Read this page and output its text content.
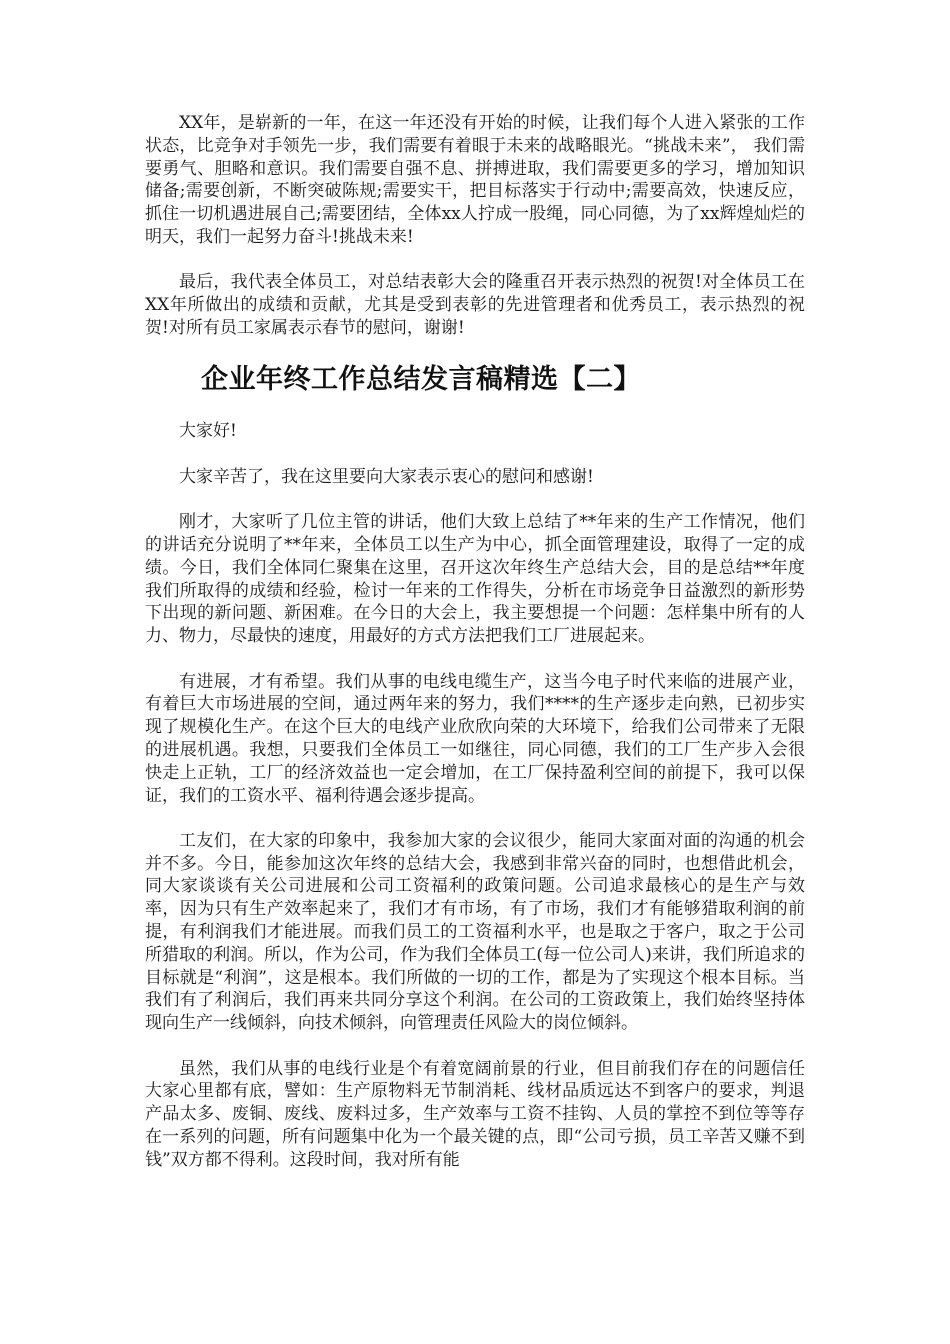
XX年，是崭新的一年，在这一年还没有开始的时候，让我们每个人进入紧张的工作状态，比竞争对手领先一步，我们需要有着眼于未来的战略眼光。“挑战未来”， 我们需要勇气、胆略和意识。我们需要自强不息、拼搏进取，我们需要更多的学习，增加知识储备;需要创新，不断突破陈规;需要实干，把目标落实于行动中;需要高效，快速反应，抓住一切机遇进展自己;需要团结，全体xx人拧成一股绳，同心同德，为了xx辉煌灿烂的明天，我们一起努力奋斗!挑战未来!

最后，我代表全体员工，对总结表彰大会的隆重召开表示热烈的祝贺!对全体员工在XX年所做出的成绩和贡献，尤其是受到表彰的先进管理者和优秀员工，表示热烈的祝贺!对所有员工家属表示春节的慰问，谢谢!

企业年终工作总结发言稿精选【二】

大家好!

大家辛苦了，我在这里要向大家表示衷心的慰问和感谢!

刚才，大家听了几位主管的讲话，他们大致上总结了**年来的生产工作情况，他们的讲话充分说明了**年来，全体员工以生产为中心，抓全面管理建设，取得了一定的成绩。今日，我们全体同仁聚集在这里，召开这次年终生产总结大会，目的是总结**年度我们所取得的成绩和经验，检讨一年来的工作得失，分析在市场竞争日益激烈的新形势下出现的新问题、新困难。在今日的大会上，我主要想提一个问题：怎样集中所有的人力、物力，尽最快的速度，用最好的方式方法把我们工厂进展起来。

有进展，才有希望。我们从事的电线电缆生产，这当今电子时代来临的进展产业，有着巨大市场进展的空间，通过两年来的努力，我们****的生产逐步走向熟，已初步实现了规模化生产。在这个巨大的电线产业欣欣向荣的大环境下，给我们公司带来了无限的进展机遇。我想，只要我们全体员工一如继往，同心同德，我们的工厂生产步入会很快走上正轨，工厂的经济效益也一定会增加，在工厂保持盈利空间的前提下，我可以保证，我们的工资水平、福利待遇会逐步提高。

工友们，在大家的印象中，我参加大家的会议很少，能同大家面对面的沟通的机会并不多。今日，能参加这次年终的总结大会，我感到非常兴奋的同时，也想借此机会，同大家谈谈有关公司进展和公司工资福利的政策问题。公司追求最核心的是生产与效率，因为只有生产效率起来了，我们才有市场，有了市场，我们才有能够猎取利润的前提，有利润我们才能进展。而我们员工的工资福利水平，也是取之于客户，取之于公司所猎取的利润。所以，作为公司，作为我们全体员工(每一位公司人)来讲，我们所追求的目标就是“利润”，这是根本。我们所做的一切的工作，都是为了实现这个根本目标。当我们有了利润后，我们再来共同分享这个利润。在公司的工资政策上，我们始终坚持体现向生产一线倾斜，向技术倾斜，向管理责任风险大的岗位倾斜。

虽然，我们从事的电线行业是个有着宽阔前景的行业，但目前我们存在的问题信任大家心里都有底，譬如：生产原物料无节制消耗、线材品质远达不到客户的要求，判退产品太多、废铜、废线、废料过多，生产效率与工资不挂钩、人员的掌控不到位等等存在一系列的问题，所有问题集中化为一个最关键的点，即“公司亏损，员工辛苦又赚不到钱”双方都不得利。这段时间，我对所有能
